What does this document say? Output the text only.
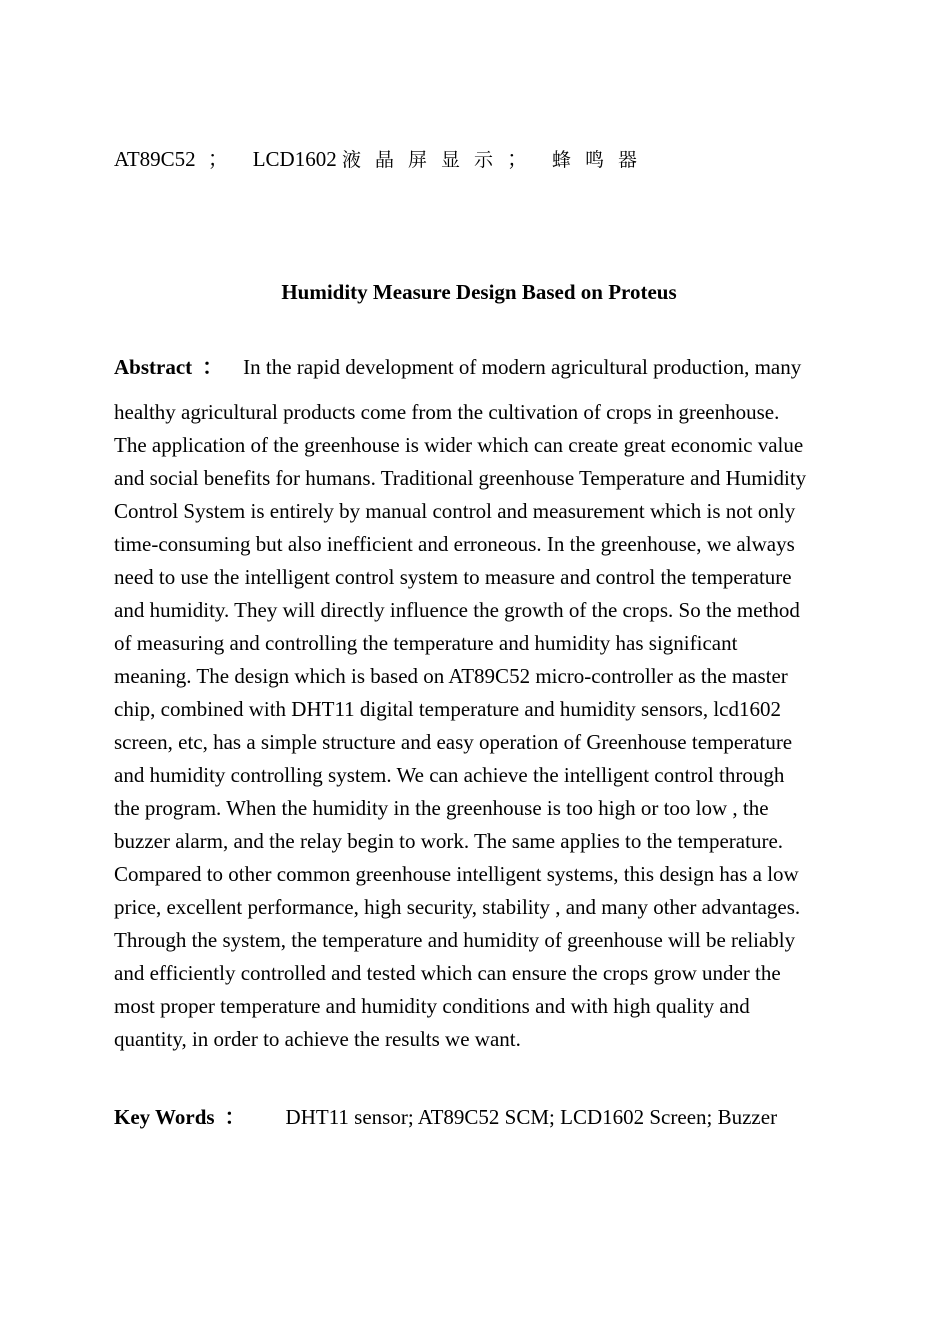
AT89C52 ； LCD1602 液晶屏显示； 蜂鸣器
Humidity Measure Design Based on Proteus
Abstract ： In the rapid development of modern agricultural production, many
healthy agricultural products come from the cultivation of crops in greenhouse.
The application of the greenhouse is wider which can create great economic value
and social benefits for humans. Traditional greenhouse Temperature and Humidity
Control System is entirely by manual control and measurement which is not only
time-consuming but also inefficient and erroneous. In the greenhouse, we always
need to use the intelligent control system to measure and control the temperature
and humidity. They will directly influence the growth of the crops. So the method
of measuring and controlling the temperature and humidity has significant
meaning. The design which is based on AT89C52 micro-controller as the master
chip, combined with DHT11 digital temperature and humidity sensors, lcd1602
screen, etc, has a simple structure and easy operation of Greenhouse temperature
and humidity controlling system. We can achieve the intelligent control through
the program. When the humidity in the greenhouse is too high or too low , the
buzzer alarm, and the relay begin to work. The same applies to the temperature.
Compared to other common greenhouse intelligent systems, this design has a low
price, excellent performance, high security, stability , and many other advantages.
Through the system, the temperature and humidity of greenhouse will be reliably
and efficiently controlled and tested which can ensure the crops grow under the
most proper temperature and humidity conditions and with high quality and
quantity, in order to achieve the results we want.
Key Words ： DHT11 sensor; AT89C52 SCM; LCD1602 Screen; Buzzer
